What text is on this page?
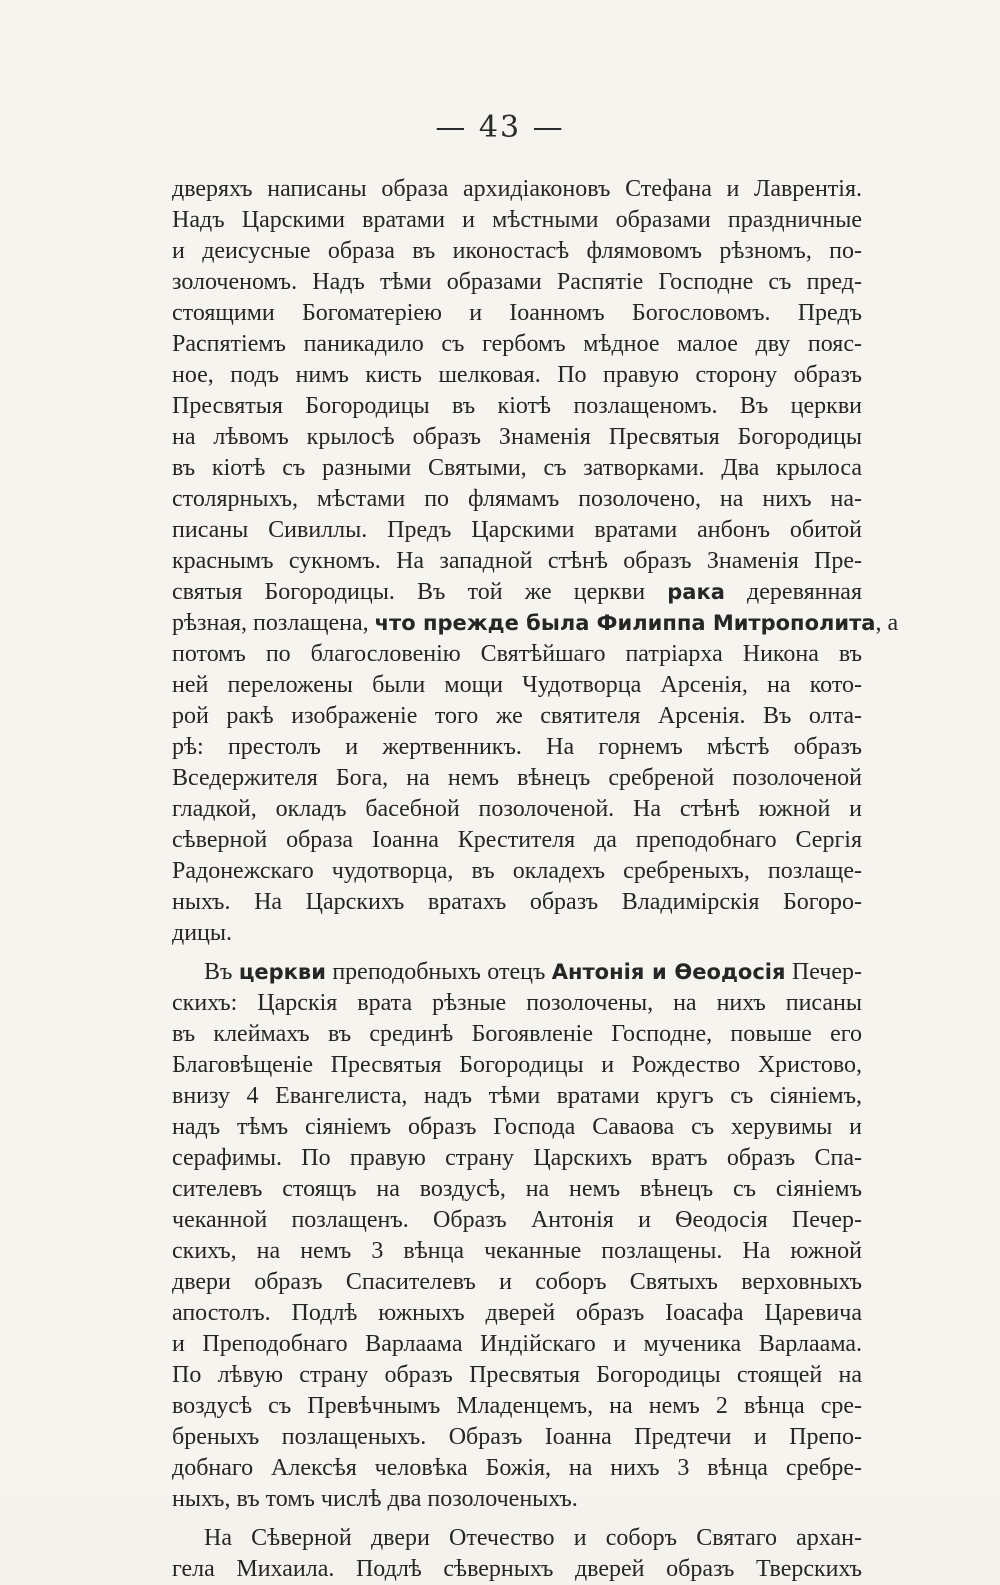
— 43 —
дверяхъ написаны образа архидіаконовъ Стефана и Лаврентія.
Надъ Царскими вратами и мѣстными образами праздничные
и деисусные образа въ иконостасѣ флямовомъ рѣзномъ, по-
золоченомъ. Надъ тѣми образами Распятіе Господне съ пред-
стоящими Богоматеріею и Іоанномъ Богословомъ. Предъ
Распятіемъ паникадило съ гербомъ мѣдное малое дву пояс-
ное, подъ нимъ кисть шелковая. По правую сторону образъ
Пресвятыя Богородицы въ кіотѣ позлащеномъ. Въ церкви
на лѣвомъ крылосѣ образъ Знаменія Пресвятыя Богородицы
въ кіотѣ съ разными Святыми, съ затворками. Два крылоса
столярныхъ, мѣстами по флямамъ позолочено, на нихъ на-
писаны Сивиллы. Предъ Царскими вратами анбонъ обитой
краснымъ сукномъ. На западной стѣнѣ образъ Знаменія Пре-
святыя Богородицы. Въ той же церкви рака деревянная
рѣзная, позлащена, что прежде была Филиппа Митрополита, а
потомъ по благословенію Святѣйшаго патріарха Никона въ
ней переложены были мощи Чудотворца Арсенія, на кото-
рой ракѣ изображеніе того же святителя Арсенія. Въ олта-
рѣ: престолъ и жертвенникъ. На горнемъ мѣстѣ образъ
Вседержителя Бога, на немъ вѣнецъ сребреной позолоченой
гладкой, окладъ басебной позолоченой. На стѣнѣ южной и
сѣверной образа Іоанна Крестителя да преподобнаго Сергія
Радонежскаго чудотворца, въ окладехъ сребреныхъ, позлаще-
ныхъ. На Царскихъ вратахъ образъ Владимірскія Богоро-
дицы.
Въ церкви преподобныхъ отецъ Антонія и Ѳеодосія Печер-
скихъ: Царскія врата рѣзные позолочены, на нихъ писаны
въ клеймахъ въ срединѣ Богоявленіе Господне, повыше его
Благовѣщеніе Пресвятыя Богородицы и Рождество Христово,
внизу 4 Евангелиста, надъ тѣми вратами кругъ съ сіяніемъ,
надъ тѣмъ сіяніемъ образъ Господа Саваова съ херувимы и
серафимы. По правую страну Царскихъ вратъ образъ Спа-
сителевъ стоящъ на воздусѣ, на немъ вѣнецъ съ сіяніемъ
чеканной позлащенъ. Образъ Антонія и Ѳеодосія Печер-
скихъ, на немъ 3 вѣнца чеканные позлащены. На южной
двери образъ Спасителевъ и соборъ Святыхъ верховныхъ
апостолъ. Подлѣ южныхъ дверей образъ Іоасафа Царевича
и Преподобнаго Варлаама Индійскаго и мученика Варлаама.
По лѣвую страну образъ Пресвятыя Богородицы стоящей на
воздусѣ съ Превѣчнымъ Младенцемъ, на немъ 2 вѣнца сре-
бреныхъ позлащеныхъ. Образъ Іоанна Предтечи и Препо-
добнаго Алексѣя человѣка Божія, на нихъ 3 вѣнца сребре-
ныхъ, въ томъ числѣ два позолоченыхъ.
На Сѣверной двери Отечество и соборъ Святаго архан-
гела Михаила. Подлѣ сѣверныхъ дверей образъ Тверскихъ
